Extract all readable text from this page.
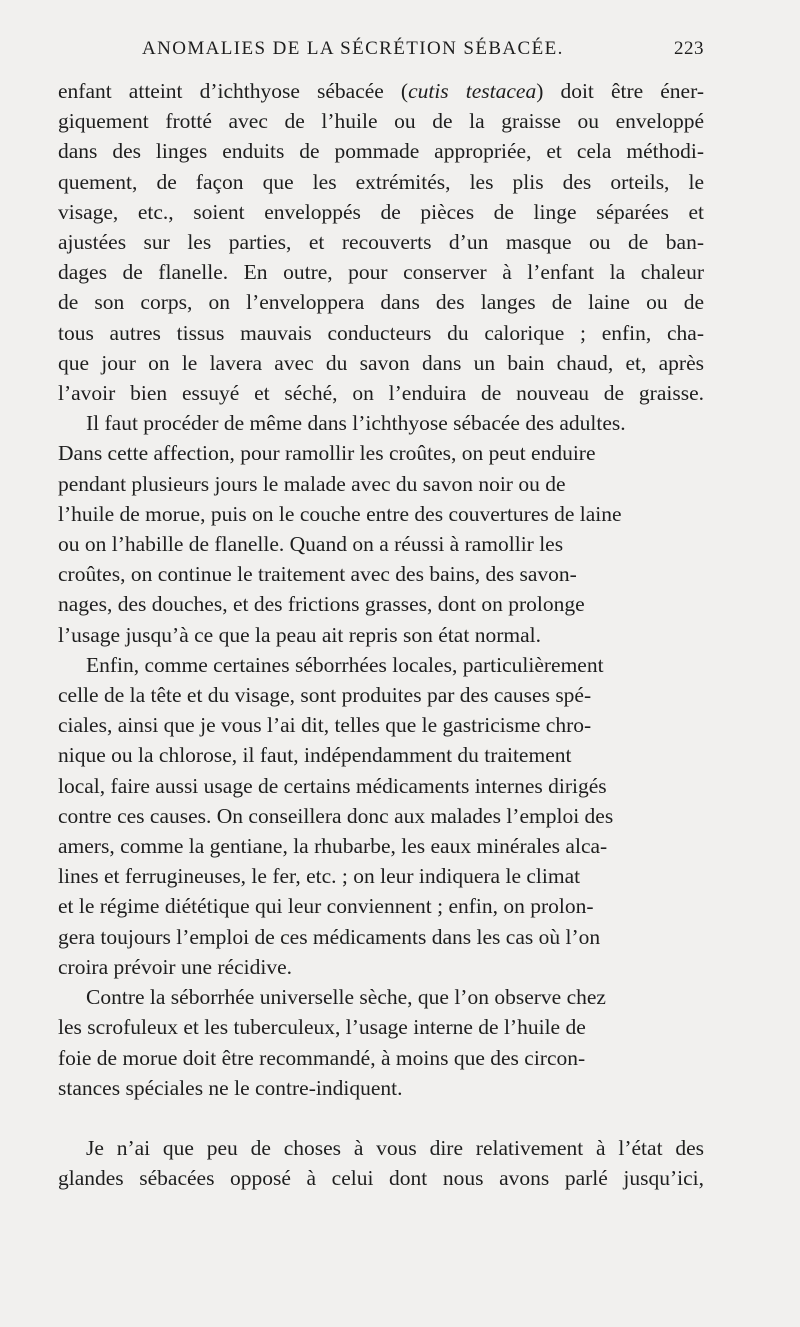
ANOMALIES DE LA SÉCRÉTION SÉBACÉE.	223
enfant atteint d’ichthyose sébacée (cutis testacea) doit être éner-
giquement frotté avec de l’huile ou de la graisse ou enveloppé
dans des linges enduits de pommade appropriée, et cela méthodi-
quement, de façon que les extrémités, les plis des orteils, le
visage, etc., soient enveloppés de pièces de linge séparées et
ajustées sur les parties, et recouverts d’un masque ou de ban-
dages de flanelle. En outre, pour conserver à l’enfant la chaleur
de son corps, on l’enveloppera dans des langes de laine ou de
tous autres tissus mauvais conducteurs du calorique ; enfin, cha-
que jour on le lavera avec du savon dans un bain chaud, et, après
l’avoir bien essuyé et séché, on l’enduira de nouveau de graisse.
Il faut procéder de même dans l’ichthyose sébacée des adultes.
Dans cette affection, pour ramollir les croûtes, on peut enduire
pendant plusieurs jours le malade avec du savon noir ou de
l’huile de morue, puis on le couche entre des couvertures de laine
ou on l’habille de flanelle. Quand on a réussi à ramollir les
croûtes, on continue le traitement avec des bains, des savon-
nages, des douches, et des frictions grasses, dont on prolonge
l’usage jusqu’à ce que la peau ait repris son état normal.
Enfin, comme certaines séborrhées locales, particulièrement
celle de la tête et du visage, sont produites par des causes spé-
ciales, ainsi que je vous l’ai dit, telles que le gastricisme chro-
nique ou la chlorose, il faut, indépendamment du traitement
local, faire aussi usage de certains médicaments internes dirigés
contre ces causes. On conseillera donc aux malades l’emploi des
amers, comme la gentiane, la rhubarbe, les eaux minérales alca-
lines et ferrugineuses, le fer, etc. ; on leur indiquera le climat
et le régime diététique qui leur conviennent ; enfin, on prolon-
gera toujours l’emploi de ces médicaments dans les cas où l’on
croira prévoir une récidive.
Contre la séborrhée universelle sèche, que l’on observe chez
les scrofuleux et les tuberculeux, l’usage interne de l’huile de
foie de morue doit être recommandé, à moins que des circon-
stances spéciales ne le contre-indiquent.
Je n’ai que peu de choses à vous dire relativement à l’état des
glandes sébacées opposé à celui dont nous avons parlé jusqu’ici,
